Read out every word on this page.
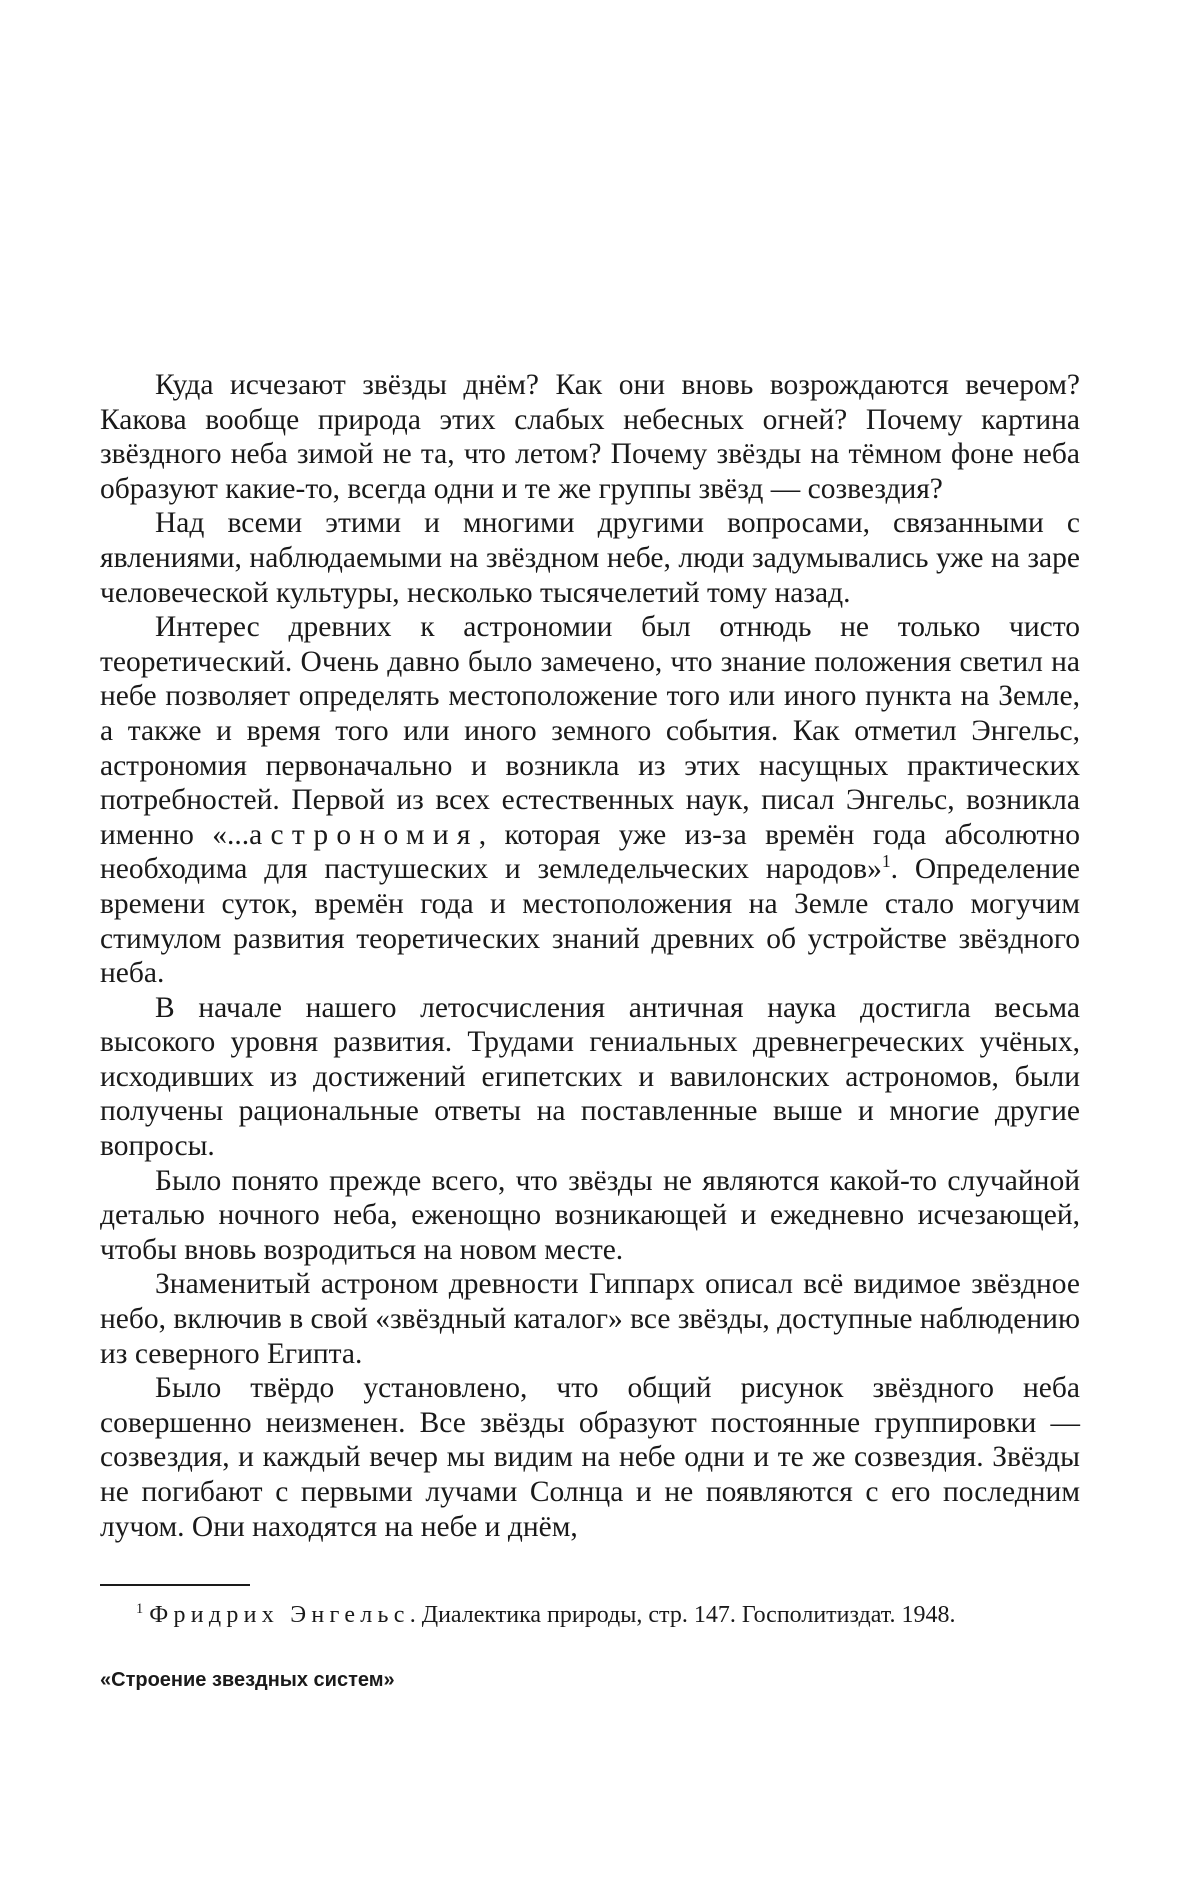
Куда исчезают звёзды днём? Как они вновь возрождаются вечером? Какова вообще природа этих слабых небесных огней? Почему картина звёздного неба зимой не та, что летом? Почему звёзды на тёмном фоне неба образуют какие-то, всегда одни и те же группы звёзд — созвездия?

Над всеми этими и многими другими вопросами, связанными с явлениями, наблюдаемыми на звёздном небе, люди задумывались уже на заре человеческой культуры, несколько тысячелетий тому назад.

Интерес древних к астрономии был отнюдь не только чисто теоретический. Очень давно было замечено, что знание положения светил на небе позволяет определять местоположение того или иного пункта на Земле, а также и время того или иного земного события. Как отметил Энгельс, астрономия первоначально и возникла из этих насущных практических потребностей. Первой из всех естественных наук, писал Энгельс, возникла именно «...астрономия, которая уже из-за времён года абсолютно необходима для пастушеских и земледельческих народов»$^1$. Определение времени суток, времён года и местоположения на Земле стало могучим стимулом развития теоретических знаний древних об устройстве звёздного неба.

В начале нашего летосчисления античная наука достигла весьма высокого уровня развития. Трудами гениальных древнегреческих учёных, исходивших из достижений египетских и вавилонских астрономов, были получены рациональные ответы на поставленные выше и многие другие вопросы.

Было понято прежде всего, что звёзды не являются какой-то случайной деталью ночного неба, еженощно возникающей и ежедневно исчезающей, чтобы вновь возродиться на новом месте.

Знаменитый астроном древности Гиппарх описал всё видимое звёздное небо, включив в свой «звёздный каталог» все звёзды, доступные наблюдению из северного Египта.

Было твёрдо установлено, что общий рисунок звёздного неба совершенно неизменен. Все звёзды образуют постоянные группировки — созвездия, и каждый вечер мы видим на небе одни и те же созвездия. Звёзды не погибают с первыми лучами Солнца и не появляются с его последним лучом. Они находятся на небе и днём,

$^1$ Фридрих Энгельс. Диалектика природы, стр. 147. Госполитиздат. 1948.

«Строение звездных систем»
